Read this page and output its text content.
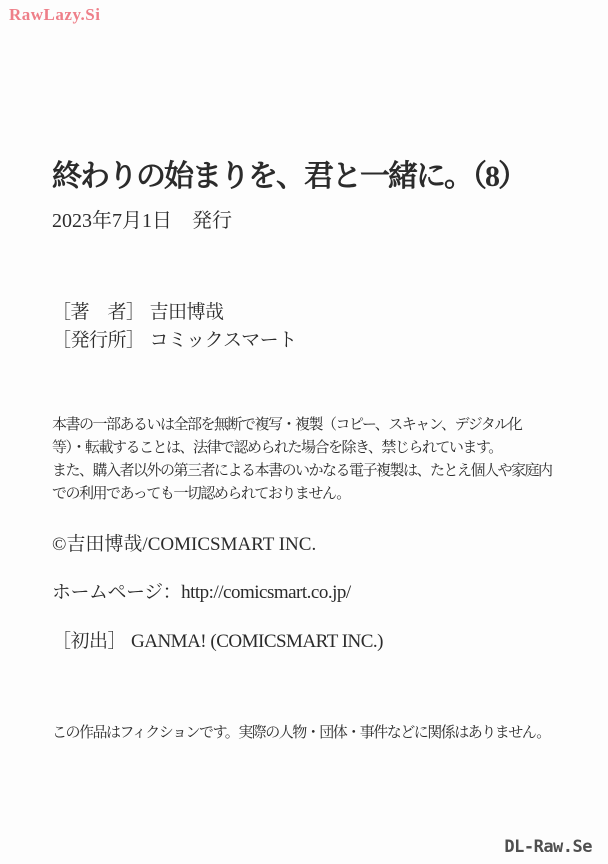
RawLazy.Si
終わりの始まりを、君と一緒に。（8）
2023年7月1日　発行
［著　者］ 吉田博哉
［発行所］ コミックスマート
本書の一部あるいは全部を無断で複写・複製（コピー、スキャン、デジタル化
等）・転載することは、法律で認められた場合を除き、禁じられています。
また、購入者以外の第三者による本書のいかなる電子複製は、たとえ個人や家庭内
での利用であっても一切認められておりません。
©吉田博哉/COMICSMART INC.
ホームページ：http://comicsmart.co.jp/
［初出］ GANMA! (COMICSMART INC.)
この作品はフィクションです。実際の人物・団体・事件などに関係はありません。
DL-Raw.Se
